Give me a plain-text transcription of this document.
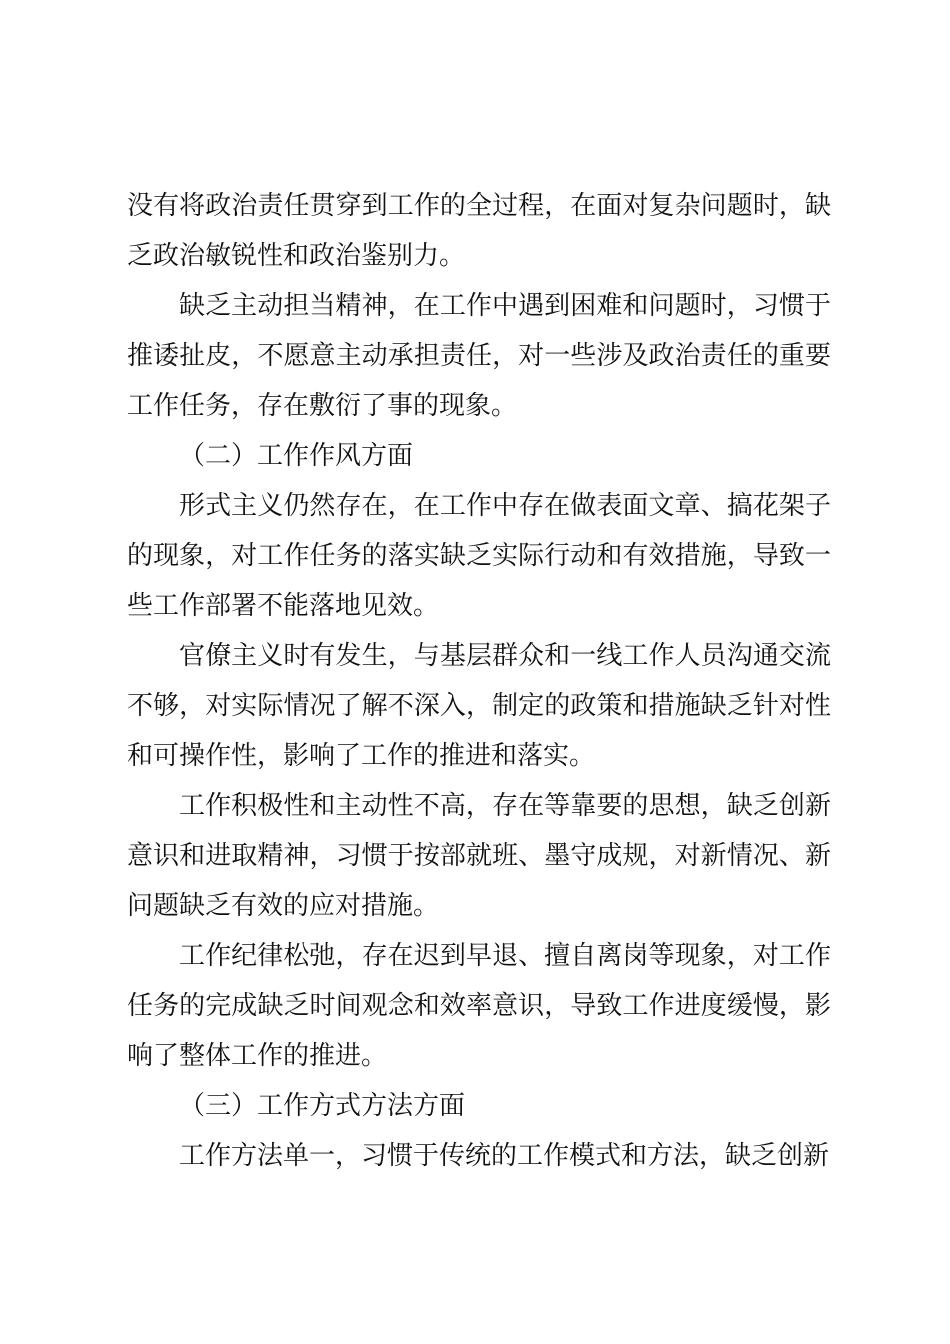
没有将政治责任贯穿到工作的全过程，在面对复杂问题时，缺乏政治敏锐性和政治鉴别力。

缺乏主动担当精神，在工作中遇到困难和问题时，习惯于推诿扯皮，不愿意主动承担责任，对一些涉及政治责任的重要工作任务，存在敷衍了事的现象。

（二）工作作风方面

形式主义仍然存在，在工作中存在做表面文章、搞花架子的现象，对工作任务的落实缺乏实际行动和有效措施，导致一些工作部署不能落地见效。

官僚主义时有发生，与基层群众和一线工作人员沟通交流不够，对实际情况了解不深入，制定的政策和措施缺乏针对性和可操作性，影响了工作的推进和落实。

工作积极性和主动性不高，存在等靠要的思想，缺乏创新意识和进取精神，习惯于按部就班、墨守成规，对新情况、新问题缺乏有效的应对措施。

工作纪律松弛，存在迟到早退、擅自离岗等现象，对工作任务的完成缺乏时间观念和效率意识，导致工作进度缓慢，影响了整体工作的推进。

（三）工作方式方法方面

工作方法单一，习惯于传统的工作模式和方法，缺乏创新
